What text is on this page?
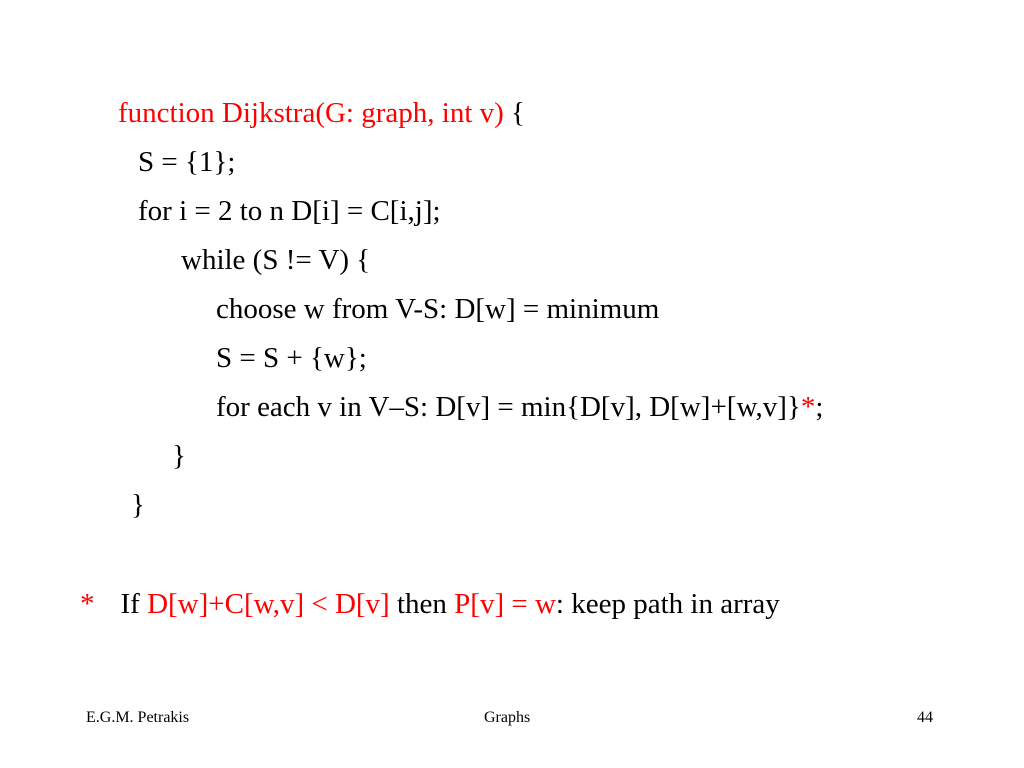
function Dijkstra(G: graph, int v) {
S = {1};
for i = 2 to n D[i] = C[i,j];
while (S != V) {
choose w from V-S: D[w] = minimum
S = S + {w};
for each v in V–S: D[v] = min{D[v], D[w]+[w,v]}*;
}
}
* If D[w]+C[w,v] < D[v] then P[v] = w: keep path in array
E.G.M. Petrakis	Graphs	44
